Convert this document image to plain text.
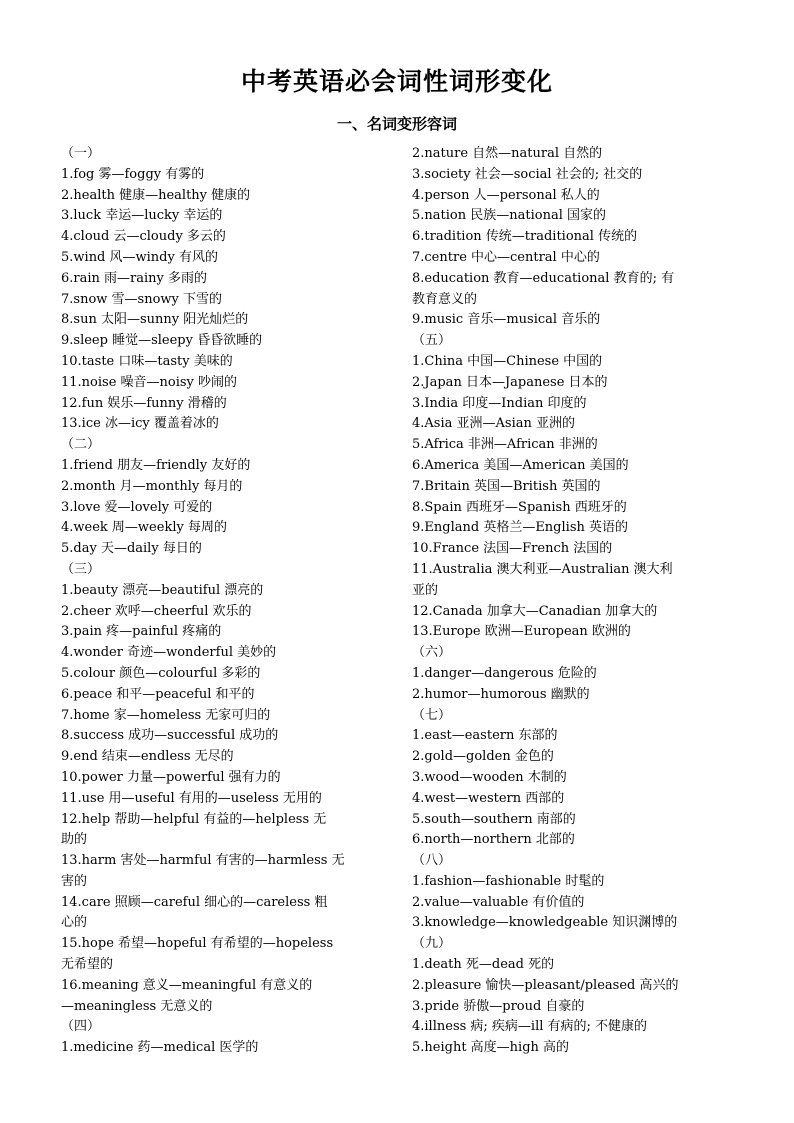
中考英语必会词性词形变化
一、名词变形容词
（一）
1.fog 雾—foggy 有雾的
2.health 健康—healthy 健康的
3.luck 幸运—lucky 幸运的
4.cloud 云—cloudy 多云的
5.wind 风—windy 有风的
6.rain 雨—rainy 多雨的
7.snow 雪—snowy 下雪的
8.sun 太阳—sunny 阳光灿烂的
9.sleep 睡觉—sleepy 昏昏欲睡的
10.taste 口味—tasty 美味的
11.noise 噪音—noisy 吵闹的
12.fun 娱乐—funny 滑稽的
13.ice 冰—icy 覆盖着冰的
（二）
1.friend 朋友—friendly 友好的
2.month 月—monthly 每月的
3.love 爱—lovely 可爱的
4.week 周—weekly 每周的
5.day 天—daily 每日的
（三）
1.beauty 漂亮—beautiful 漂亮的
2.cheer 欢呼—cheerful 欢乐的
3.pain 疼—painful 疼痛的
4.wonder 奇迹—wonderful 美妙的
5.colour 颜色—colourful 多彩的
6.peace 和平—peaceful 和平的
7.home 家—homeless 无家可归的
8.success 成功—successful 成功的
9.end 结束—endless 无尽的
10.power 力量—powerful 强有力的
11.use 用—useful 有用的—useless 无用的
12.help 帮助—helpful 有益的—helpless 无
助的
13.harm 害处—harmful 有害的—harmless 无
害的
14.care 照顾—careful 细心的—careless 粗
心的
15.hope 希望—hopeful 有希望的—hopeless
无希望的
16.meaning 意义—meaningful 有意义的
—meaningless 无意义的
（四）
1.medicine 药—medical 医学的
2.nature 自然—natural 自然的
3.society 社会—social 社会的; 社交的
4.person 人—personal 私人的
5.nation 民族—national 国家的
6.tradition 传统—traditional 传统的
7.centre 中心—central 中心的
8.education 教育—educational 教育的; 有
教育意义的
9.music 音乐—musical 音乐的
（五）
1.China 中国—Chinese 中国的
2.Japan 日本—Japanese 日本的
3.India 印度—Indian 印度的
4.Asia 亚洲—Asian 亚洲的
5.Africa 非洲—African 非洲的
6.America 美国—American 美国的
7.Britain 英国—British 英国的
8.Spain 西班牙—Spanish 西班牙的
9.England 英格兰—English 英语的
10.France 法国—French 法国的
11.Australia 澳大利亚—Australian 澳大利
亚的
12.Canada 加拿大—Canadian 加拿大的
13.Europe 欧洲—European 欧洲的
（六）
1.danger—dangerous 危险的
2.humor—humorous 幽默的
（七）
1.east—eastern 东部的
2.gold—golden 金色的
3.wood—wooden 木制的
4.west—western 西部的
5.south—southern 南部的
6.north—northern 北部的
（八）
1.fashion—fashionable 时髦的
2.value—valuable 有价值的
3.knowledge—knowledgeable 知识渊博的
（九）
1.death 死—dead 死的
2.pleasure 愉快—pleasant/pleased 高兴的
3.pride 骄傲—proud 自豪的
4.illness 病; 疾病—ill 有病的; 不健康的
5.height 高度—high 高的
